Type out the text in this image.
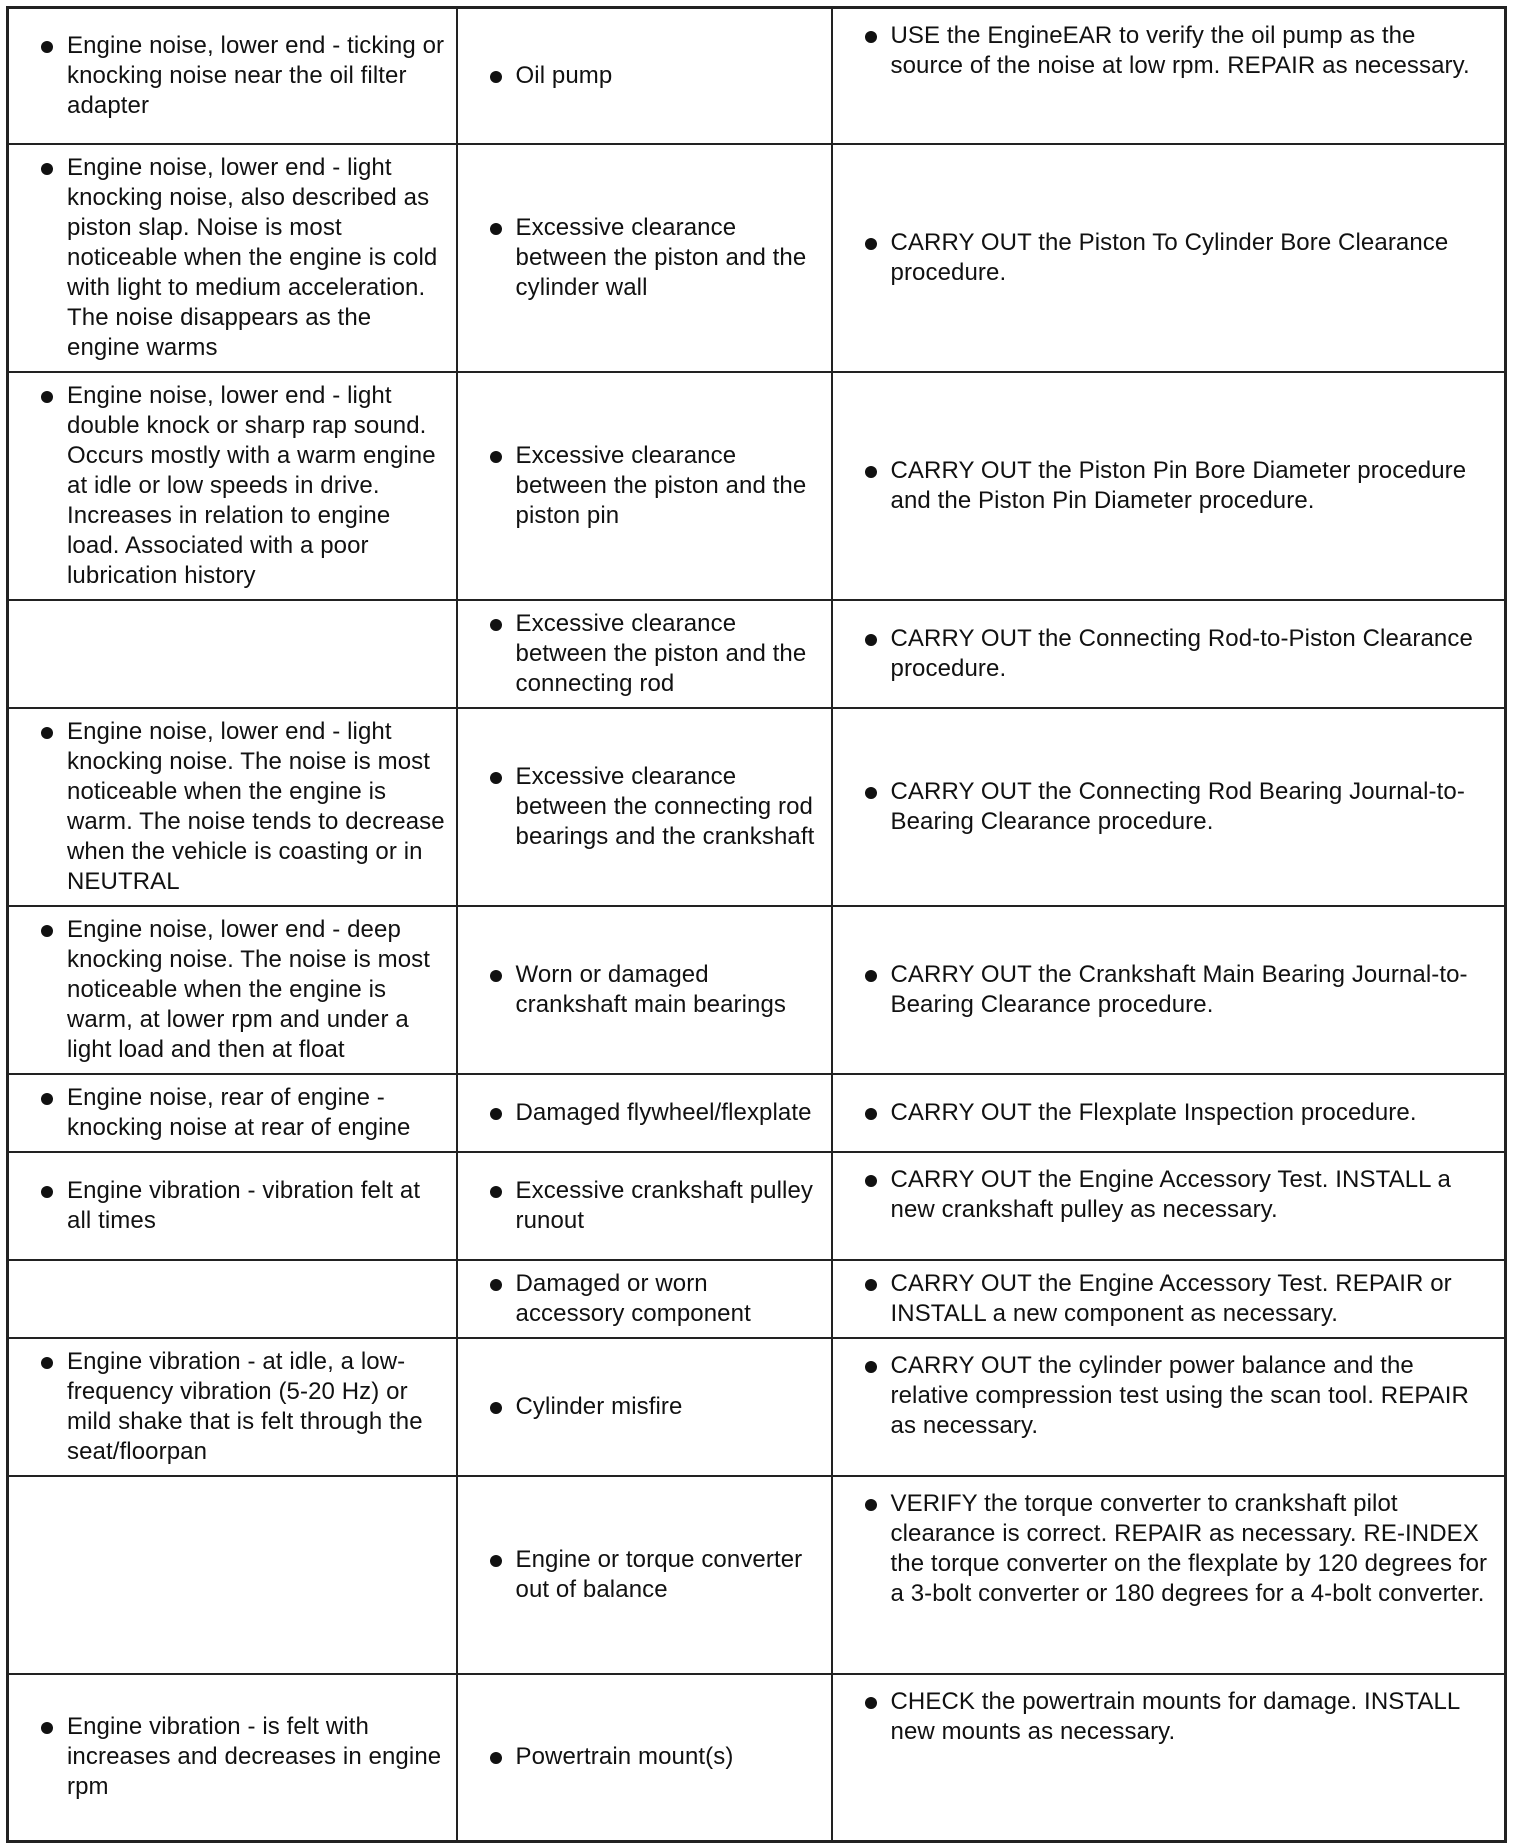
Engine noise, lower end - ticking or knocking noise near the oil filter adapter	Oil pump	USE the EngineEAR to verify the oil pump as the source of the noise at low rpm. REPAIR as necessary.

Engine noise, lower end - light knocking noise, also described as piston slap. Noise is most noticeable when the engine is cold with light to medium acceleration. The noise disappears as the engine warms	Excessive clearance between the piston and the cylinder wall	CARRY OUT the Piston To Cylinder Bore Clearance procedure.

Engine noise, lower end - light double knock or sharp rap sound. Occurs mostly with a warm engine at idle or low speeds in drive. Increases in relation to engine load. Associated with a poor lubrication history	Excessive clearance between the piston and the piston pin	CARRY OUT the Piston Pin Bore Diameter procedure and the Piston Pin Diameter procedure.

	Excessive clearance between the piston and the connecting rod	CARRY OUT the Connecting Rod-to-Piston Clearance procedure.

Engine noise, lower end - light knocking noise. The noise is most noticeable when the engine is warm. The noise tends to decrease when the vehicle is coasting or in NEUTRAL	Excessive clearance between the connecting rod bearings and the crankshaft	CARRY OUT the Connecting Rod Bearing Journal-to-Bearing Clearance procedure.

Engine noise, lower end - deep knocking noise. The noise is most noticeable when the engine is warm, at lower rpm and under a light load and then at float	Worn or damaged crankshaft main bearings	CARRY OUT the Crankshaft Main Bearing Journal-to-Bearing Clearance procedure.

Engine noise, rear of engine - knocking noise at rear of engine	Damaged flywheel/flexplate	CARRY OUT the Flexplate Inspection procedure.

Engine vibration - vibration felt at all times	Excessive crankshaft pulley runout	CARRY OUT the Engine Accessory Test. INSTALL a new crankshaft pulley as necessary.

	Damaged or worn accessory component	CARRY OUT the Engine Accessory Test. REPAIR or INSTALL a new component as necessary.

Engine vibration - at idle, a low-frequency vibration (5-20 Hz) or mild shake that is felt through the seat/floorpan	Cylinder misfire	CARRY OUT the cylinder power balance and the relative compression test using the scan tool. REPAIR as necessary.

	Engine or torque converter out of balance	VERIFY the torque converter to crankshaft pilot clearance is correct. REPAIR as necessary. RE-INDEX the torque converter on the flexplate by 120 degrees for a 3-bolt converter or 180 degrees for a 4-bolt converter.

Engine vibration - is felt with increases and decreases in engine rpm	Powertrain mount(s)	CHECK the powertrain mounts for damage. INSTALL new mounts as necessary.
